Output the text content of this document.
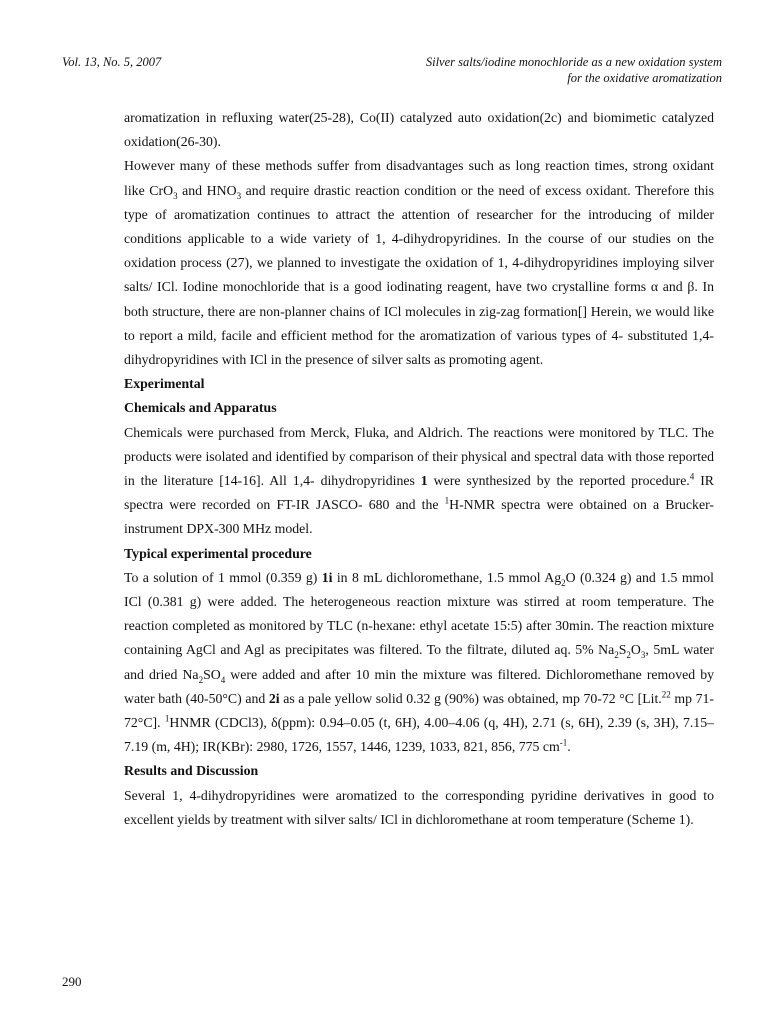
Vol. 13, No. 5, 2007	Silver salts/iodine monochloride as a new oxidation system
for the oxidative aromatization

aromatization in refluxing water(25-28), Co(II) catalyzed auto oxidation(2c) and biomimetic catalyzed oxidation(26-30).

However many of these methods suffer from disadvantages such as long reaction times, strong oxidant like CrO$_3$ and $HNO_3$ and require drastic reaction condition or the need of excess oxidant. Therefore this type of aromatization continues to attract the attention of researcher for the introducing of milder conditions applicable to a wide variety of 1, 4-dihydropyridines. In the course of our studies on the oxidation process (27), we planned to investigate the oxidation of 1, 4-dihydropyridines imploying silver salts/ ICl. Iodine monochloride that is a good iodinating reagent, have two crystalline forms α and β. In both structure, there are non-planner chains of ICl molecules in zig-zag formation[] Herein, we would like to report a mild, facile and efficient method for the aromatization of various types of 4- substituted 1,4- dihydropyridines with ICl in the presence of silver salts as promoting agent.

Experimental
Chemicals and Apparatus

Chemicals were purchased from Merck, Fluka, and Aldrich. The reactions were monitored by TLC. The products were isolated and identified by comparison of their physical and spectral data with those reported in the literature [14-16]. All 1,4- dihydropyridines 1 were synthesized by the reported procedure.$^4$ IR spectra were recorded on FT-IR JASCO- 680 and the $^1$H-NMR spectra were obtained on a Brucker-instrument DPX-300 MHz model.

Typical experimental procedure

To a solution of 1 mmol (0.359 g) 1i in 8 mL dichloromethane, 1.5 mmol $Ag_2O$ (0.324 g) and 1.5 mmol ICl (0.381 g) were added. The heterogeneous reaction mixture was stirred at room temperature. The reaction completed as monitored by TLC (n-hexane: ethyl acetate 15:5) after 30min. The reaction mixture containing AgCl and Agl as precipitates was filtered. To the filtrate, diluted aq. 5% $Na_2S_2O_3$, 5mL water and dried $Na_2SO_4$ were added and after 10 min the mixture was filtered. Dichloromethane removed by water bath (40-50°C) and 2i as a pale yellow solid 0.32 g (90%) was obtained, mp 70-72 °C [Lit.$^{22}$ mp 71-72°C]. $^1$HNMR (CDCl3), δ(ppm): 0.94–0.05 (t, 6H), 4.00–4.06 (q, 4H), 2.71 (s, 6H), 2.39 (s, 3H), 7.15–7.19 (m, 4H); IR(KBr): 2980, 1726, 1557, 1446, 1239, 1033, 821, 856, 775 $cm^{-1}$.

Results and Discussion

Several 1, 4-dihydropyridines were aromatized to the corresponding pyridine derivatives in good to excellent yields by treatment with silver salts/ ICl in dichloromethane at room temperature (Scheme 1).

290
